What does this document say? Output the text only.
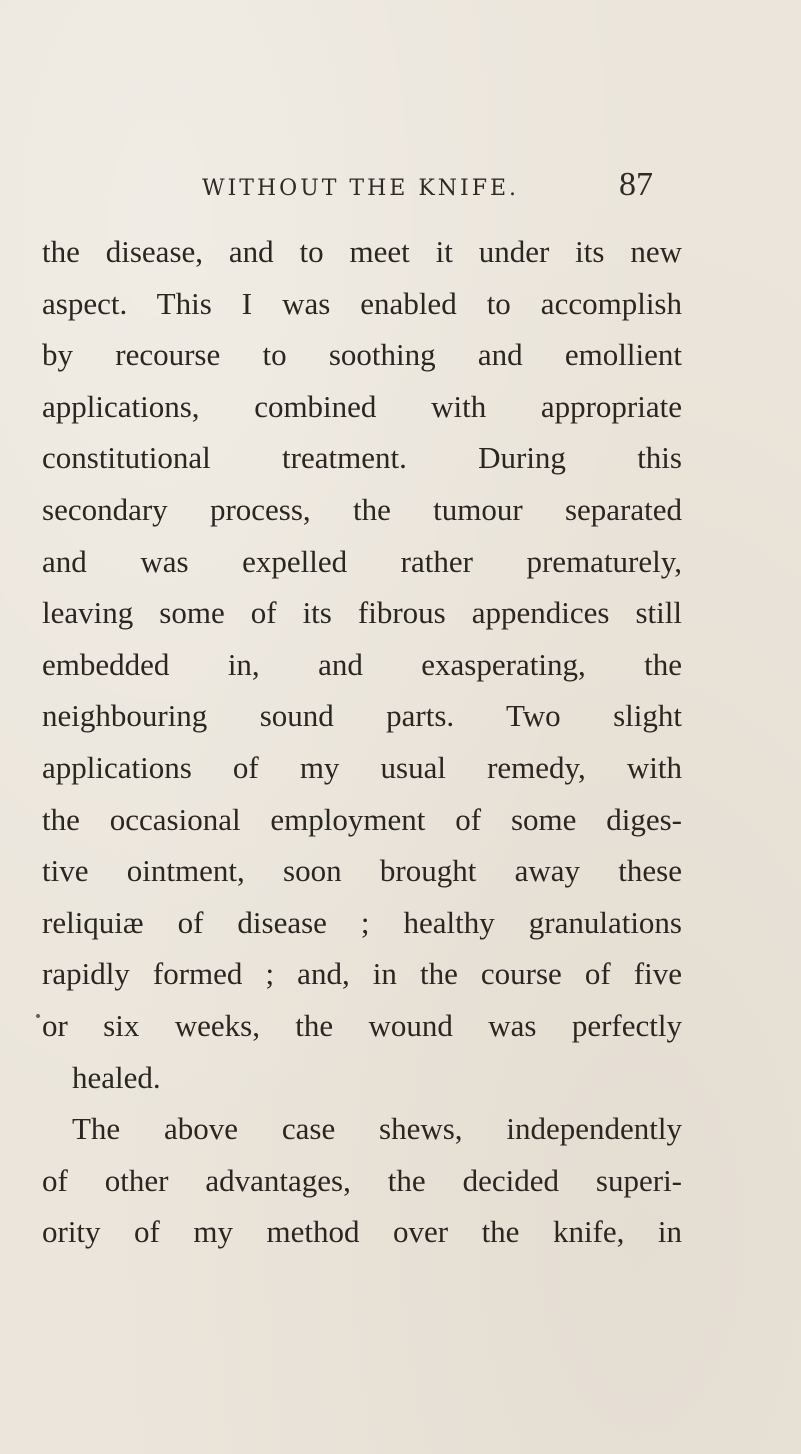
WITHOUT THE KNIFE.	87
the disease, and to meet it under its new
aspect. This I was enabled to accomplish
by recourse to soothing and emollient
applications, combined with appropriate
constitutional treatment. During this
secondary process, the tumour separated
and was expelled rather prematurely,
leaving some of its fibrous appendices still
embedded in, and exasperating, the
neighbouring sound parts. Two slight
applications of my usual remedy, with
the occasional employment of some diges-
tive ointment, soon brought away these
reliquiæ of disease ; healthy granulations
rapidly formed ; and, in the course of five
or six weeks, the wound was perfectly
healed.
The above case shews, independently
of other advantages, the decided superi-
ority of my method over the knife, in
